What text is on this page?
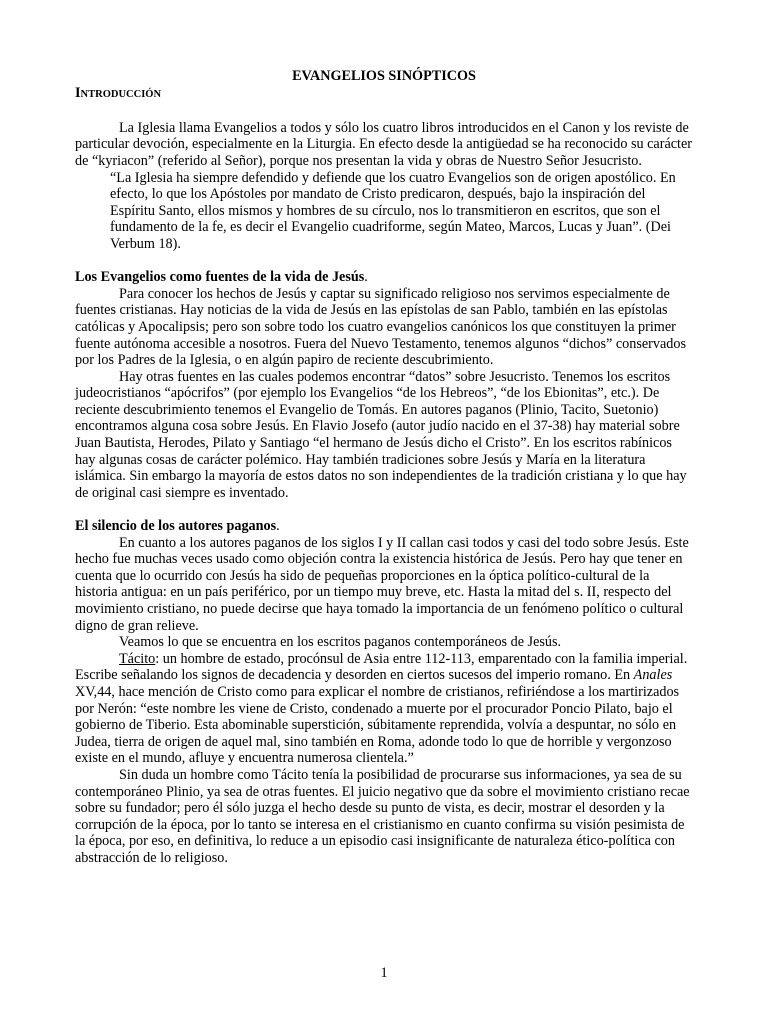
EVANGELIOS SINÓPTICOS

INTRODUCCIÓN

La Iglesia llama Evangelios a todos y sólo los cuatro libros introducidos en el Canon y los reviste de particular devoción, especialmente en la Liturgia. En efecto desde la antigüedad se ha reconocido su carácter de “kyriacon” (referido al Señor), porque nos presentan la vida y obras de Nuestro Señor Jesucristo.

“La Iglesia ha siempre defendido y defiende que los cuatro Evangelios son de origen apostólico. En efecto, lo que los Apóstoles por mandato de Cristo predicaron, después, bajo la inspiración del Espíritu Santo, ellos mismos y hombres de su círculo, nos lo transmitieron en escritos, que son el fundamento de la fe, es decir el Evangelio cuadriforme, según Mateo, Marcos, Lucas y Juan”. (Dei Verbum 18).

Los Evangelios como fuentes de la vida de Jesús.

Para conocer los hechos de Jesús y captar su significado religioso nos servimos especialmente de fuentes cristianas. Hay noticias de la vida de Jesús en las epístolas de san Pablo, también en las epístolas católicas y Apocalipsis; pero son sobre todo los cuatro evangelios canónicos los que constituyen la primer fuente autónoma accesible a nosotros. Fuera del Nuevo Testamento, tenemos algunos “dichos” conservados por los Padres de la Iglesia, o en algún papiro de reciente descubrimiento.

Hay otras fuentes en las cuales podemos encontrar “datos” sobre Jesucristo. Tenemos los escritos judeocristianos “apócrifos” (por ejemplo los Evangelios “de los Hebreos”, “de los Ebionitas”, etc.). De reciente descubrimiento tenemos el Evangelio de Tomás. En autores paganos (Plinio, Tacito, Suetonio) encontramos alguna cosa sobre Jesús. En Flavio Josefo (autor judío nacido en el 37-38) hay material sobre Juan Bautista, Herodes, Pilato y Santiago “el hermano de Jesús dicho el Cristo”. En los escritos rabínicos hay algunas cosas de carácter polémico. Hay también tradiciones sobre Jesús y María en la literatura islámica. Sin embargo la mayoría de estos datos no son independientes de la tradición cristiana y lo que hay de original casi siempre es inventado.

El silencio de los autores paganos.

En cuanto a los autores paganos de los siglos I y II callan casi todos y casi del todo sobre Jesús. Este hecho fue muchas veces usado como objeción contra la existencia histórica de Jesús. Pero hay que tener en cuenta que lo ocurrido con Jesús ha sido de pequeñas proporciones en la óptica político-cultural de la historia antigua: en un país periférico, por un tiempo muy breve, etc. Hasta la mitad del s. II, respecto del movimiento cristiano, no puede decirse que haya tomado la importancia de un fenómeno político o cultural digno de gran relieve.

Veamos lo que se encuentra en los escritos paganos contemporáneos de Jesús.

Tácito: un hombre de estado, procónsul de Asia entre 112-113, emparentado con la familia imperial. Escribe señalando los signos de decadencia y desorden en ciertos sucesos del imperio romano. En Anales XV,44, hace mención de Cristo como para explicar el nombre de cristianos, refiriéndose a los martirizados por Nerón: “este nombre les viene de Cristo, condenado a muerte por el procurador Poncio Pilato, bajo el gobierno de Tiberio. Esta abominable superstición, súbitamente reprendida, volvía a despuntar, no sólo en Judea, tierra de origen de aquel mal, sino también en Roma, adonde todo lo que de horrible y vergonzoso existe en el mundo, afluye y encuentra numerosa clientela.”

Sin duda un hombre como Tácito tenía la posibilidad de procurarse sus informaciones, ya sea de su contemporáneo Plinio, ya sea de otras fuentes. El juicio negativo que da sobre el movimiento cristiano recae sobre su fundador; pero él sólo juzga el hecho desde su punto de vista, es decir, mostrar el desorden y la corrupción de la época, por lo tanto se interesa en el cristianismo en cuanto confirma su visión pesimista de la época, por eso, en definitiva, lo reduce a un episodio casi insignificante de naturaleza ético-política con abstracción de lo religioso.

1
